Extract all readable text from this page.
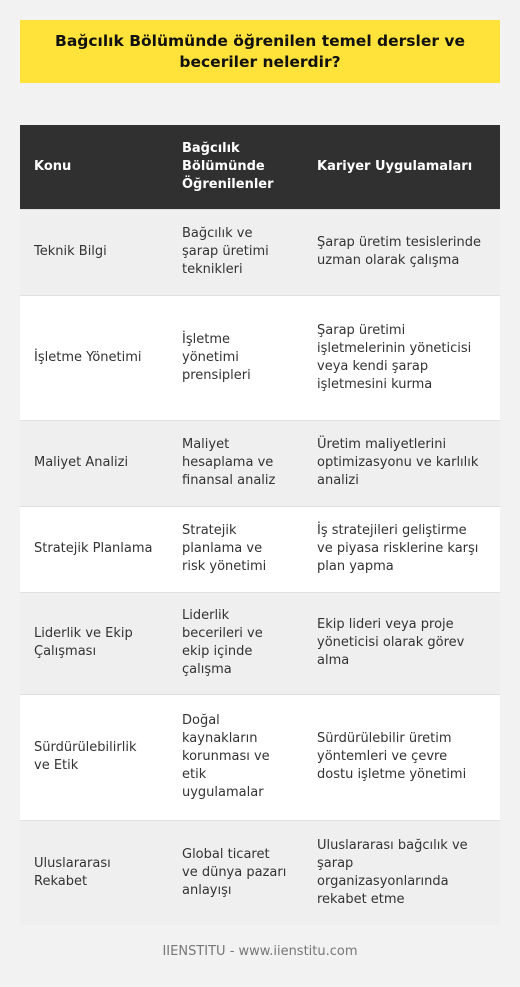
Bağcılık Bölümünde öğrenilen temel dersler ve beceriler nelerdir?
Konu	Bağcılık Bölümünde Öğrenilenler	Kariyer Uygulamaları
Teknik Bilgi	Bağcılık ve şarap üretimi teknikleri	Şarap üretim tesislerinde uzman olarak çalışma
İşletme Yönetimi	İşletme yönetimi prensipleri	Şarap üretimi işletmelerinin yöneticisi veya kendi şarap işletmesini kurma
Maliyet Analizi	Maliyet hesaplama ve finansal analiz	Üretim maliyetlerini optimizasyonu ve karlılık analizi
Stratejik Planlama	Stratejik planlama ve risk yönetimi	İş stratejileri geliştirme ve piyasa risklerine karşı plan yapma
Liderlik ve Ekip Çalışması	Liderlik becerileri ve ekip içinde çalışma	Ekip lideri veya proje yöneticisi olarak görev alma
Sürdürülebilirlik ve Etik	Doğal kaynakların korunması ve etik uygulamalar	Sürdürülebilir üretim yöntemleri ve çevre dostu işletme yönetimi
Uluslararası Rekabet	Global ticaret ve dünya pazarı anlayışı	Uluslararası bağcılık ve şarap organizasyonlarında rekabet etme
IIENSTITU - www.iienstitu.com
